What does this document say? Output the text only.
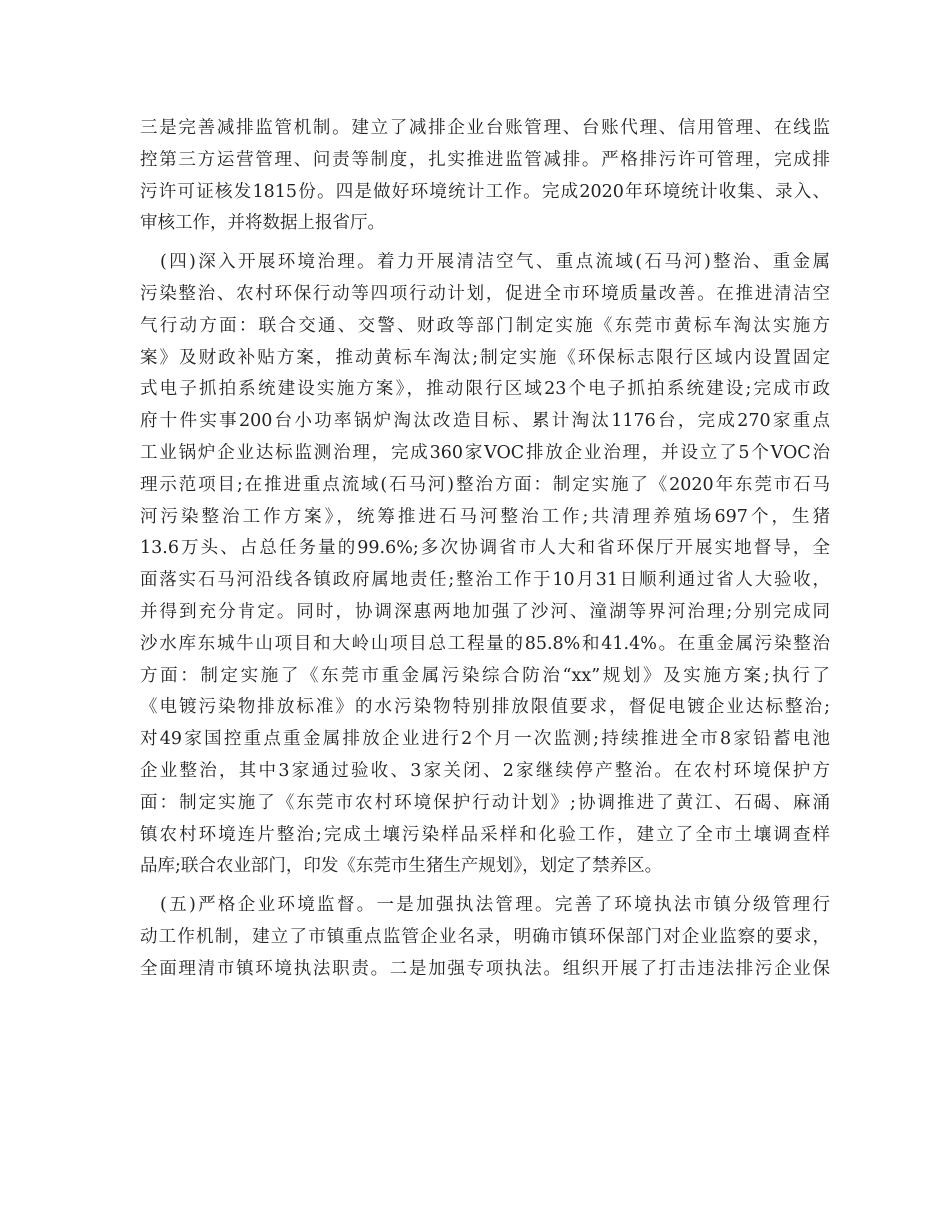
三是完善减排监管机制。建立了减排企业台账管理、台账代理、信用管理、在线监
控第三方运营管理、问责等制度，扎实推进监管减排。严格排污许可管理，完成排
污许可证核发1815份。四是做好环境统计工作。完成2020年环境统计收集、录入、
审核工作，并将数据上报省厅。
(四)深入开展环境治理。着力开展清洁空气、重点流域(石马河)整治、重金属
污染整治、农村环保行动等四项行动计划，促进全市环境质量改善。在推进清洁空
气行动方面：联合交通、交警、财政等部门制定实施《东莞市黄标车淘汰实施方
案》及财政补贴方案，推动黄标车淘汰;制定实施《环保标志限行区域内设置固定
式电子抓拍系统建设实施方案》，推动限行区域23个电子抓拍系统建设;完成市政
府十件实事200台小功率锅炉淘汰改造目标、累计淘汰1176台，完成270家重点
工业锅炉企业达标监测治理，完成360家VOC排放企业治理，并设立了5个VOC治
理示范项目;在推进重点流域(石马河)整治方面：制定实施了《2020年东莞市石马
河污染整治工作方案》，统筹推进石马河整治工作;共清理养殖场697个，生猪
13.6万头、占总任务量的99.6%;多次协调省市人大和省环保厅开展实地督导，全
面落实石马河沿线各镇政府属地责任;整治工作于10月31日顺利通过省人大验收，
并得到充分肯定。同时，协调深惠两地加强了沙河、潼湖等界河治理;分别完成同
沙水库东城牛山项目和大岭山项目总工程量的85.8%和41.4%。在重金属污染整治
方面：制定实施了《东莞市重金属污染综合防治“xx”规划》及实施方案;执行了
《电镀污染物排放标准》的水污染物特别排放限值要求，督促电镀企业达标整治;
对49家国控重点重金属排放企业进行2个月一次监测;持续推进全市8家铅蓄电池
企业整治，其中3家通过验收、3家关闭、2家继续停产整治。在农村环境保护方
面：制定实施了《东莞市农村环境保护行动计划》;协调推进了黄江、石碣、麻涌
镇农村环境连片整治;完成土壤污染样品采样和化验工作，建立了全市土壤调查样
品库;联合农业部门，印发《东莞市生猪生产规划》，划定了禁养区。
(五)严格企业环境监督。一是加强执法管理。完善了环境执法市镇分级管理行
动工作机制，建立了市镇重点监管企业名录，明确市镇环保部门对企业监察的要求，
全面理清市镇环境执法职责。二是加强专项执法。组织开展了打击违法排污企业保
